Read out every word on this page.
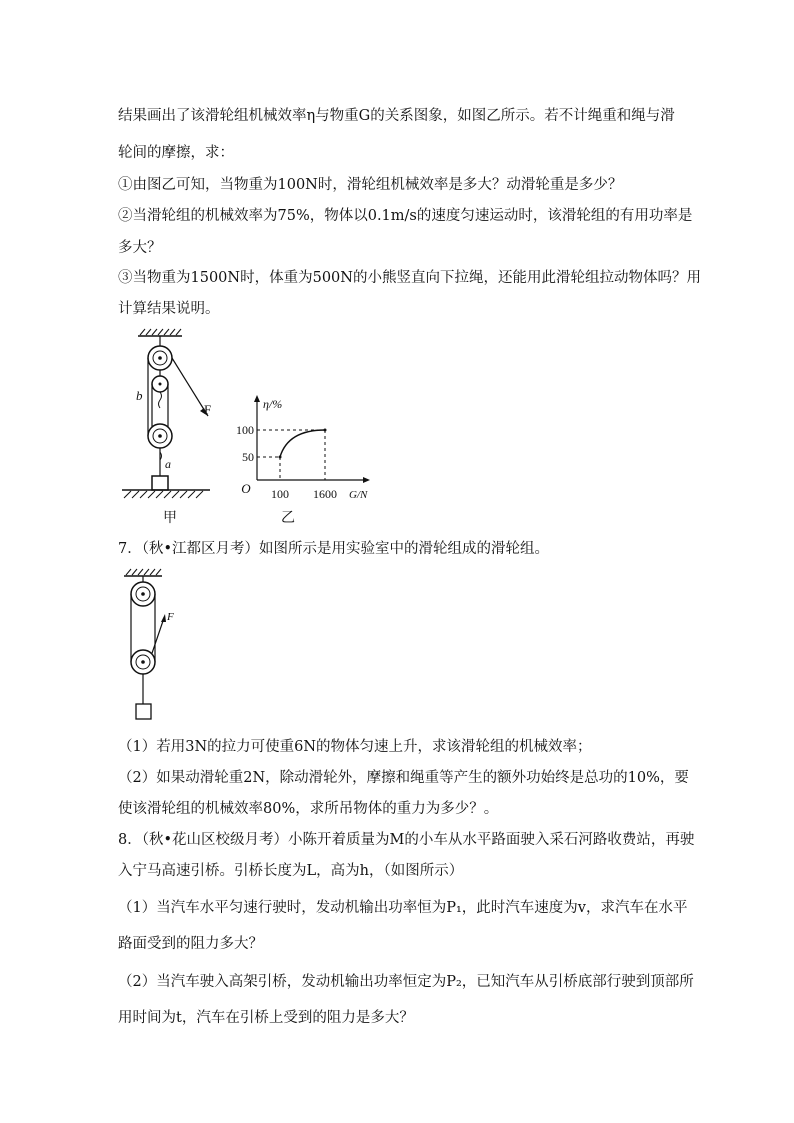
结果画出了该滑轮组机械效率η与物重G的关系图象，如图乙所示。若不计绳重和绳与滑
轮间的摩擦，求：
①由图乙可知，当物重为100N时，滑轮组机械效率是多大？动滑轮重是多少？
②当滑轮组的机械效率为75%，物体以0.1m/s的速度匀速运动时，该滑轮组的有用功率是
多大？
③当物重为1500N时，体重为500N的小熊竖直向下拉绳，还能用此滑轮组拉动物体吗？用
计算结果说明。
b
F
a
甲
η/%
100
50
O 100 1600 G/N
乙
7．（秋•江都区月考）如图所示是用实验室中的滑轮组成的滑轮组。
F
（1）若用3N的拉力可使重6N的物体匀速上升，求该滑轮组的机械效率；
（2）如果动滑轮重2N，除动滑轮外，摩擦和绳重等产生的额外功始终是总功的10%，要
使该滑轮组的机械效率80%，求所吊物体的重力为多少？。
8．（秋•花山区校级月考）小陈开着质量为M的小车从水平路面驶入采石河路收费站，再驶
入宁马高速引桥。引桥长度为L，高为h，（如图所示）
（1）当汽车水平匀速行驶时，发动机输出功率恒为P₁，此时汽车速度为v，求汽车在水平
路面受到的阻力多大？
（2）当汽车驶入高架引桥，发动机输出功率恒定为P₂，已知汽车从引桥底部行驶到顶部所
用时间为t，汽车在引桥上受到的阻力是多大？
